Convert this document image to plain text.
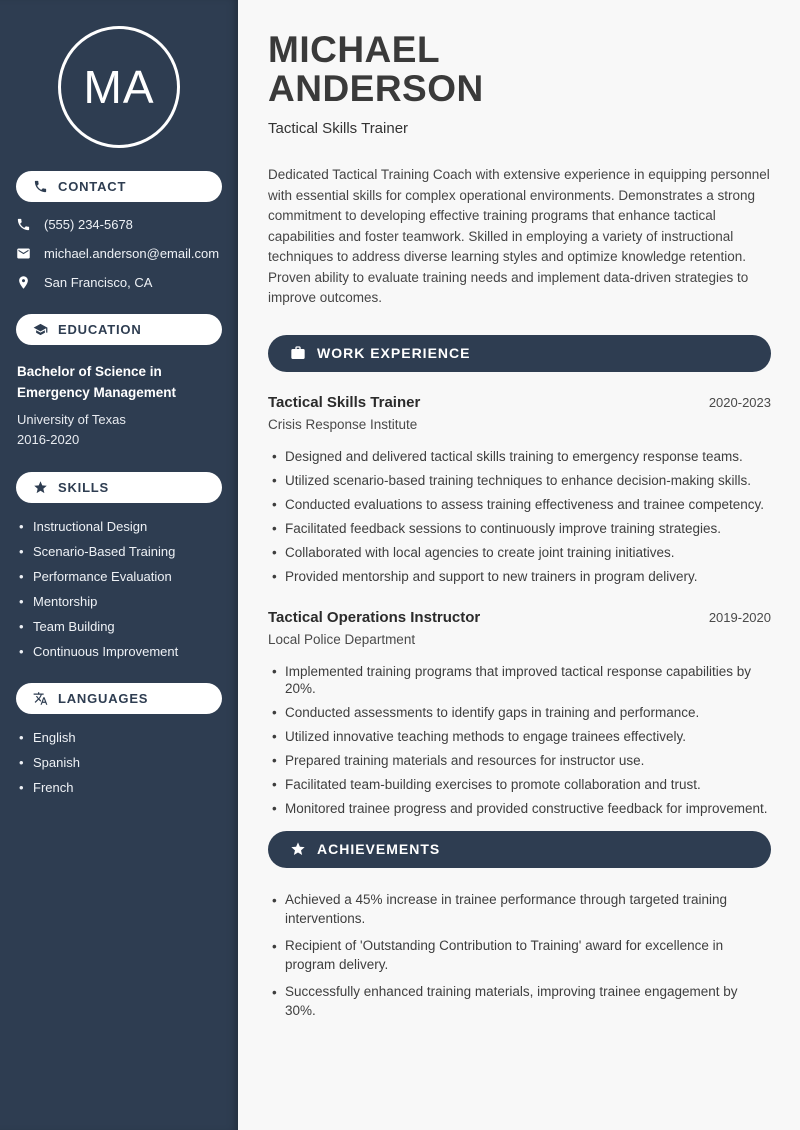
MA
CONTACT
(555) 234-5678
michael.anderson@email.com
San Francisco, CA
EDUCATION
Bachelor of Science in Emergency Management
University of Texas
2016-2020
SKILLS
• Instructional Design
• Scenario-Based Training
• Performance Evaluation
• Mentorship
• Team Building
• Continuous Improvement
LANGUAGES
• English
• Spanish
• French
MICHAEL
ANDERSON
Tactical Skills Trainer

Dedicated Tactical Training Coach with extensive experience in equipping personnel with essential skills for complex operational environments. Demonstrates a strong commitment to developing effective training programs that enhance tactical capabilities and foster teamwork. Skilled in employing a variety of instructional techniques to address diverse learning styles and optimize knowledge retention. Proven ability to evaluate training needs and implement data-driven strategies to improve outcomes.

WORK EXPERIENCE
Tactical Skills Trainer	2020-2023
Crisis Response Institute
• Designed and delivered tactical skills training to emergency response teams.
• Utilized scenario-based training techniques to enhance decision-making skills.
• Conducted evaluations to assess training effectiveness and trainee competency.
• Facilitated feedback sessions to continuously improve training strategies.
• Collaborated with local agencies to create joint training initiatives.
• Provided mentorship and support to new trainers in program delivery.
Tactical Operations Instructor	2019-2020
Local Police Department
• Implemented training programs that improved tactical response capabilities by 20%.
• Conducted assessments to identify gaps in training and performance.
• Utilized innovative teaching methods to engage trainees effectively.
• Prepared training materials and resources for instructor use.
• Facilitated team-building exercises to promote collaboration and trust.
• Monitored trainee progress and provided constructive feedback for improvement.
ACHIEVEMENTS
• Achieved a 45% increase in trainee performance through targeted training interventions.
• Recipient of 'Outstanding Contribution to Training' award for excellence in program delivery.
• Successfully enhanced training materials, improving trainee engagement by 30%.
